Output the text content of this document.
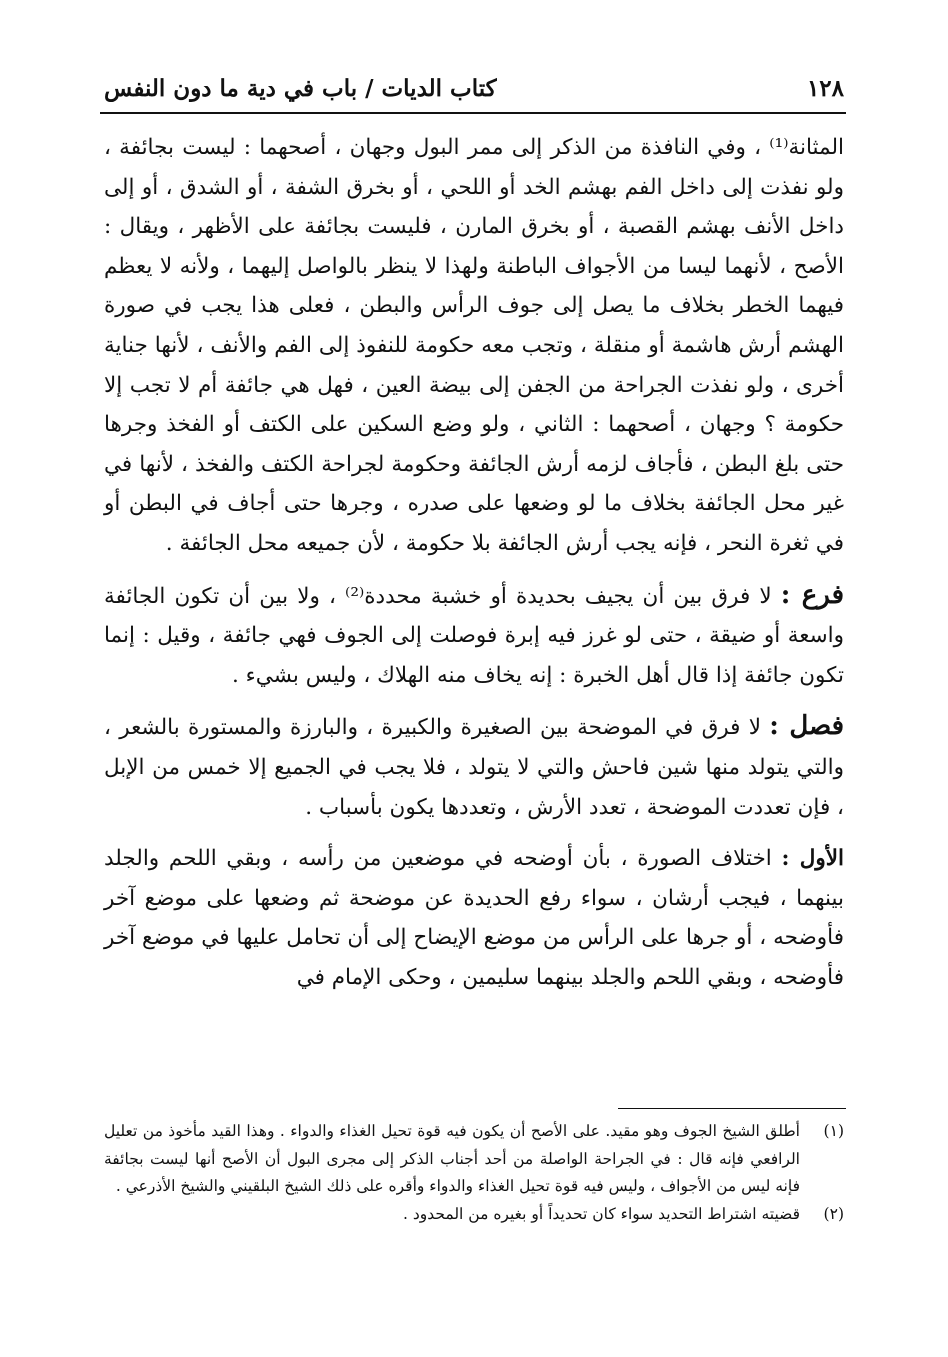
١٢٨
كتاب الديات / باب في دية ما دون النفس

المثانة⁽¹⁾ ، وفي النافذة من الذكر إلى ممر البول وجهان ، أصحهما : ليست بجائفة ، ولو نفذت إلى داخل الفم بهشم الخد أو اللحي ، أو بخرق الشفة ، أو الشدق ، أو إلى داخل الأنف بهشم القصبة ، أو بخرق المارن ، فليست بجائفة على الأظهر ، ويقال : الأصح ، لأنهما ليسا من الأجواف الباطنة ولهذا لا ينظر بالواصل إليهما ، ولأنه لا يعظم فيهما الخطر بخلاف ما يصل إلى جوف الرأس والبطن ، فعلى هذا يجب في صورة الهشم أرش هاشمة أو منقلة ، وتجب معه حكومة للنفوذ إلى الفم والأنف ، لأنها جناية أخرى ، ولو نفذت الجراحة من الجفن إلى بيضة العين ، فهل هي جائفة أم لا تجب إلا حكومة ؟ وجهان ، أصحهما : الثاني ، ولو وضع السكين على الكتف أو الفخذ وجرها حتى بلغ البطن ، فأجاف لزمه أرش الجائفة وحكومة لجراحة الكتف والفخذ ، لأنها في غير محل الجائفة بخلاف ما لو وضعها على صدره ، وجرها حتى أجاف في البطن أو في ثغرة النحر ، فإنه يجب أرش الجائفة بلا حكومة ، لأن جميعه محل الجائفة .

فرع : لا فرق بين أن يجيف بحديدة أو خشبة محددة⁽²⁾ ، ولا بين أن تكون الجائفة واسعة أو ضيقة ، حتى لو غرز فيه إبرة فوصلت إلى الجوف فهي جائفة ، وقيل : إنما تكون جائفة إذا قال أهل الخبرة : إنه يخاف منه الهلاك ، وليس بشيء .

فصل : لا فرق في الموضحة بين الصغيرة والكبيرة ، والبارزة والمستورة بالشعر ، والتي يتولد منها شين فاحش والتي لا يتولد ، فلا يجب في الجميع إلا خمس من الإبل ، فإن تعددت الموضحة ، تعدد الأرش ، وتعددها يكون بأسباب .

الأول : اختلاف الصورة ، بأن أوضحه في موضعين من رأسه ، وبقي اللحم والجلد بينهما ، فيجب أرشان ، سواء رفع الحديدة عن موضحة ثم وضعها على موضع آخر فأوضحه ، أو جرها على الرأس من موضع الإيضاح إلى أن تحامل عليها في موضع آخر فأوضحه ، وبقي اللحم والجلد بينهما سليمين ، وحكى الإمام في

(١)
أطلق الشيخ الجوف وهو مقيد. على الأصح أن يكون فيه قوة تحيل الغذاء والدواء . وهذا القيد مأخوذ من تعليل الرافعي فإنه قال : في الجراحة الواصلة من أحد أجناب الذكر إلى مجرى البول أن الأصح أنها ليست بجائفة فإنه ليس من الأجواف ، وليس فيه قوة تحيل الغذاء والدواء وأقره على ذلك الشيخ البلقيني والشيخ الأذرعي .

(٢)
قضيته اشتراط التحديد سواء كان تحديداً أو بغيره من المحدود .
